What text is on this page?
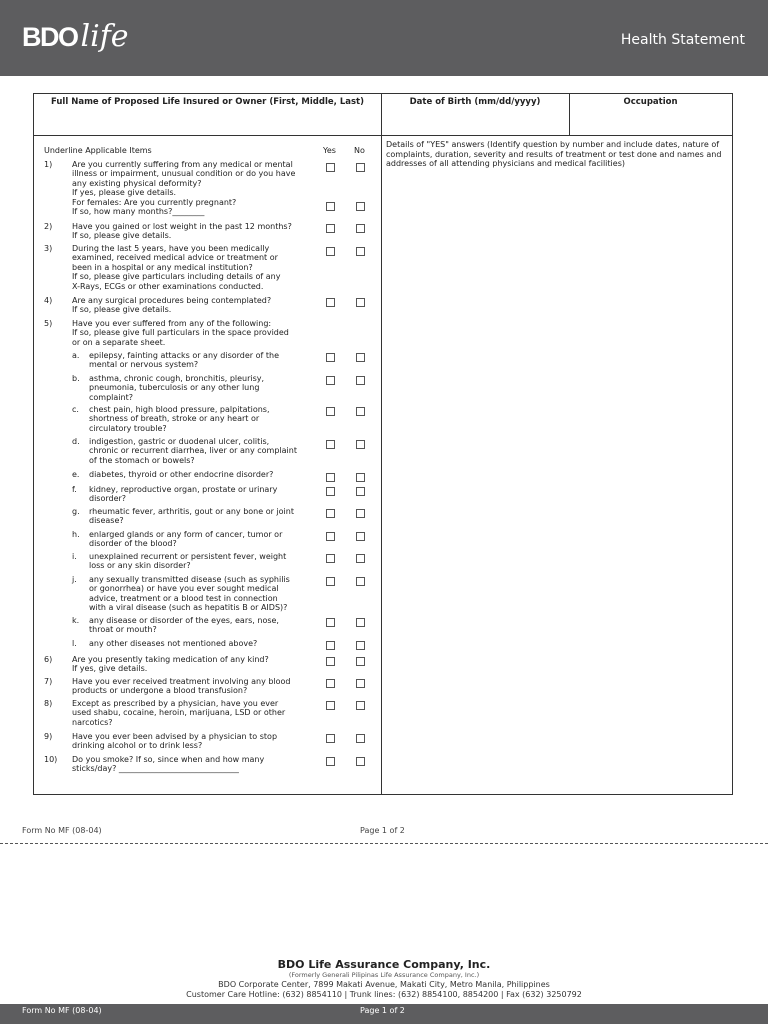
BDO life	Health Statement
Full Name of Proposed Life Insured or Owner (First, Middle, Last)	Date of Birth (mm/dd/yyyy)	Occupation
Underline Applicable Items	Yes No
Details of "YES" answers (Identify question by number and include dates, nature of complaints, duration, severity and results of treatment or test done and names and addresses of all attending physicians and medical facilities)
1) Are you currently suffering from any medical or mental
illness or impairment, unusual condition or do you have
any existing physical deformity?
If yes, please give details.
For females: Are you currently pregnant?
If so, how many months?________
2) Have you gained or lost weight in the past 12 months?
If so, please give details.
3) During the last 5 years, have you been medically
examined, received medical advice or treatment or
been in a hospital or any medical institution?
If so, please give particulars including details of any
X-Rays, ECGs or other examinations conducted.
4) Are any surgical procedures being contemplated?
If so, please give details.
5) Have you ever suffered from any of the following:
If so, please give full particulars in the space provided
or on a separate sheet.
a. epilepsy, fainting attacks or any disorder of the
mental or nervous system?
b. asthma, chronic cough, bronchitis, pleurisy,
pneumonia, tuberculosis or any other lung
complaint?
c. chest pain, high blood pressure, palpitations,
shortness of breath, stroke or any heart or
circulatory trouble?
d. indigestion, gastric or duodenal ulcer, colitis,
chronic or recurrent diarrhea, liver or any complaint
of the stomach or bowels?
e. diabetes, thyroid or other endocrine disorder?
f. kidney, reproductive organ, prostate or urinary
disorder?
g. rheumatic fever, arthritis, gout or any bone or joint
disease?
h. enlarged glands or any form of cancer, tumor or
disorder of the blood?
i. unexplained recurrent or persistent fever, weight
loss or any skin disorder?
j. any sexually transmitted disease (such as syphilis
or gonorrhea) or have you ever sought medical
advice, treatment or a blood test in connection
with a viral disease (such as hepatitis B or AIDS)?
k. any disease or disorder of the eyes, ears, nose,
throat or mouth?
l. any other diseases not mentioned above?
6) Are you presently taking medication of any kind?
If yes, give details.
7) Have you ever received treatment involving any blood
products or undergone a blood transfusion?
8) Except as prescribed by a physician, have you ever
used shabu, cocaine, heroin, marijuana, LSD or other
narcotics?
9) Have you ever been advised by a physician to stop
drinking alcohol or to drink less?
10) Do you smoke? If so, since when and how many
sticks/day? ______________________________
Form No MF (08-04)	Page 1 of 2
BDO Life Assurance Company, Inc.
(Formerly Generali Pilipinas Life Assurance Company, Inc.)
BDO Corporate Center, 7899 Makati Avenue, Makati City, Metro Manila, Philippines
Customer Care Hotline: (632) 8854110 | Trunk lines: (632) 8854100, 8854200 | Fax (632) 3250792
Form No MF (08-04)	Page 1 of 2
